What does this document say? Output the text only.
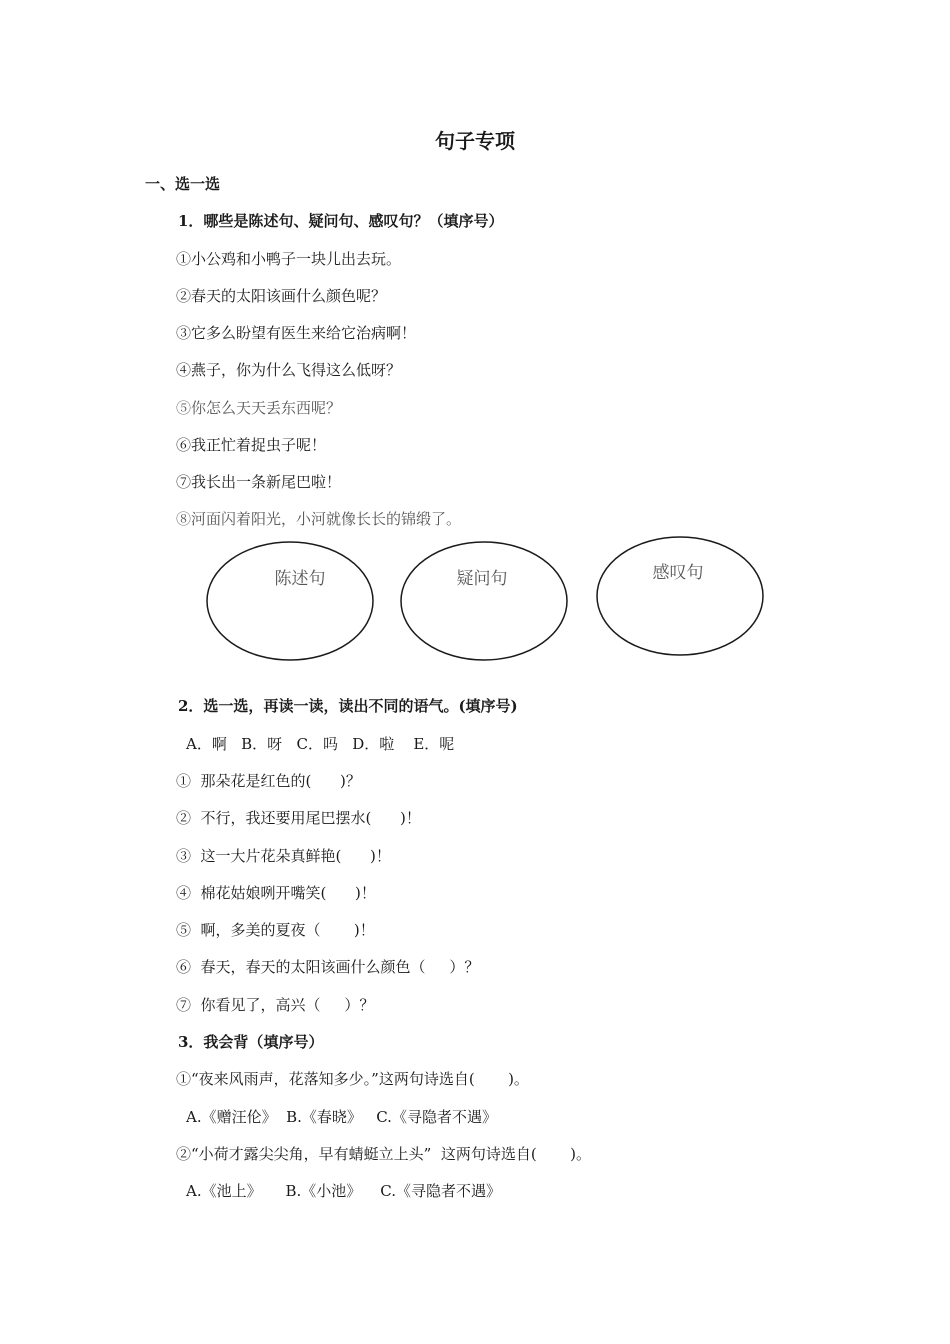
句子专项
一、选一选
1．哪些是陈述句、疑问句、感叹句？（填序号）
①小公鸡和小鸭子一块儿出去玩。
②春天的太阳该画什么颜色呢？
③它多么盼望有医生来给它治病啊！
④燕子，你为什么飞得这么低呀？
⑤你怎么天天丢东西呢？
⑥我正忙着捉虫子呢！
⑦我长出一条新尾巴啦！
⑧河面闪着阳光，小河就像长长的锦缎了。
陈述句	疑问句	感叹句
2．选一选，再读一读，读出不同的语气。(填序号)
A．啊   B．呀   C．吗   D．啦    E．呢
①  那朵花是红色的(      )？
②  不行，我还要用尾巴摆水(      )！
③  这一大片花朵真鲜艳(      )！
④  棉花姑娘咧开嘴笑(      )！
⑤  啊，多美的夏夜（       )！
⑥  春天，春天的太阳该画什么颜色（     ）？
⑦  你看见了，高兴（     ）？
3．我会背（填序号）
①“夜来风雨声，花落知多少。”这两句诗选自(       )。
A.《赠汪伦》  B.《春晓》   C.《寻隐者不遇》
②“小荷才露尖尖角，早有蜻蜓立上头”  这两句诗选自(       )。
A.《池上》     B.《小池》    C.《寻隐者不遇》
